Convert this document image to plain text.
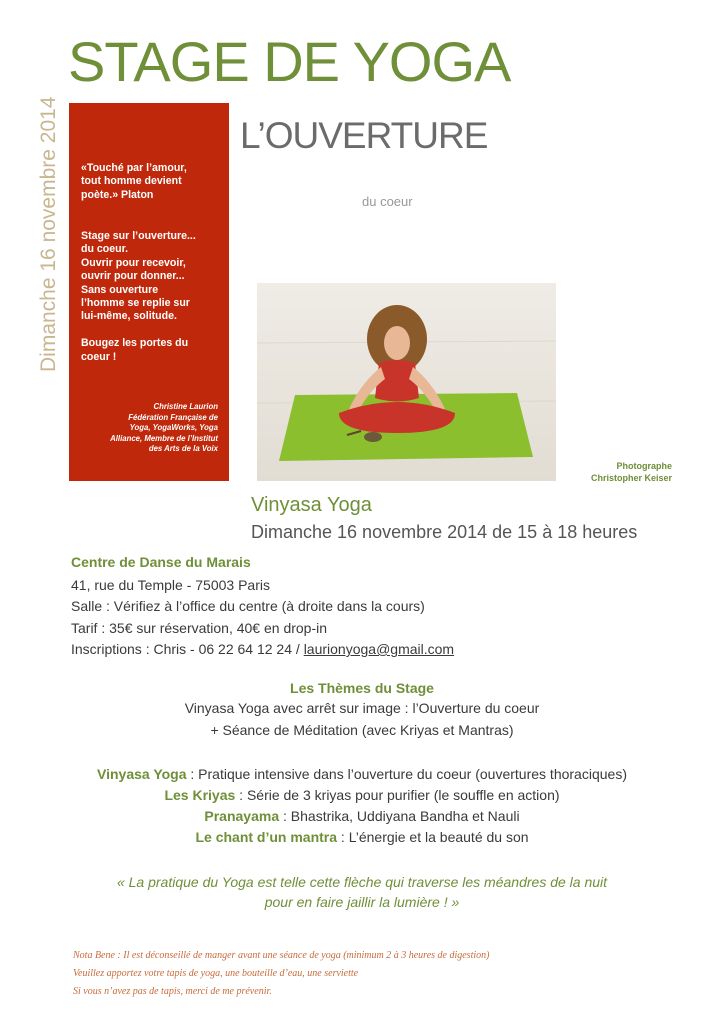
STAGE DE YOGA
Dimanche 16 novembre 2014 «Touché par l’amour,
tout homme devient
poète.» Platon
Stage sur l’ouverture...
du coeur.
Ouvrir pour recevoir,
ouvrir pour donner...
Sans ouverture
l’homme se replie sur
lui-même, solitude.

Bougez les portes du
coeur !
Christine Laurion
Fédération Française de
Yoga, YogaWorks, Yoga
Alliance, Membre de l’Institut
des Arts de la Voix
L’OUVERTURE
du coeur
Photographe
Christopher Keiser
Vinyasa Yoga
Dimanche 16 novembre 2014 de 15 à 18 heures
Centre de Danse du Marais
41, rue du Temple - 75003 Paris
Salle : Vérifiez à l’office du centre (à droite dans la cours)
Tarif : 35€ sur réservation, 40€ en drop-in
Inscriptions : Chris - 06 22 64 12 24 / laurionyoga@gmail.com
Les Thèmes du Stage
Vinyasa Yoga avec arrêt sur image : l’Ouverture du coeur
+ Séance de Méditation (avec Kriyas et Mantras)
Vinyasa Yoga : Pratique intensive dans l’ouverture du coeur (ouvertures thoraciques)
Les Kriyas : Série de 3 kriyas pour purifier (le souffle en action)
Pranayama : Bhastrika, Uddiyana Bandha et Nauli
Le chant d’un mantra : L’énergie et la beauté du son
« La pratique du Yoga est telle cette flèche qui traverse les méandres de la nuit
pour en faire jaillir la lumière ! »
Nota Bene : Il est déconseillé de manger avant une séance de yoga (minimum 2 à 3 heures de digestion)
Veuillez apportez votre tapis de yoga, une bouteille d’eau, une serviette
Si vous n’avez pas de tapis, merci de me prévenir.
